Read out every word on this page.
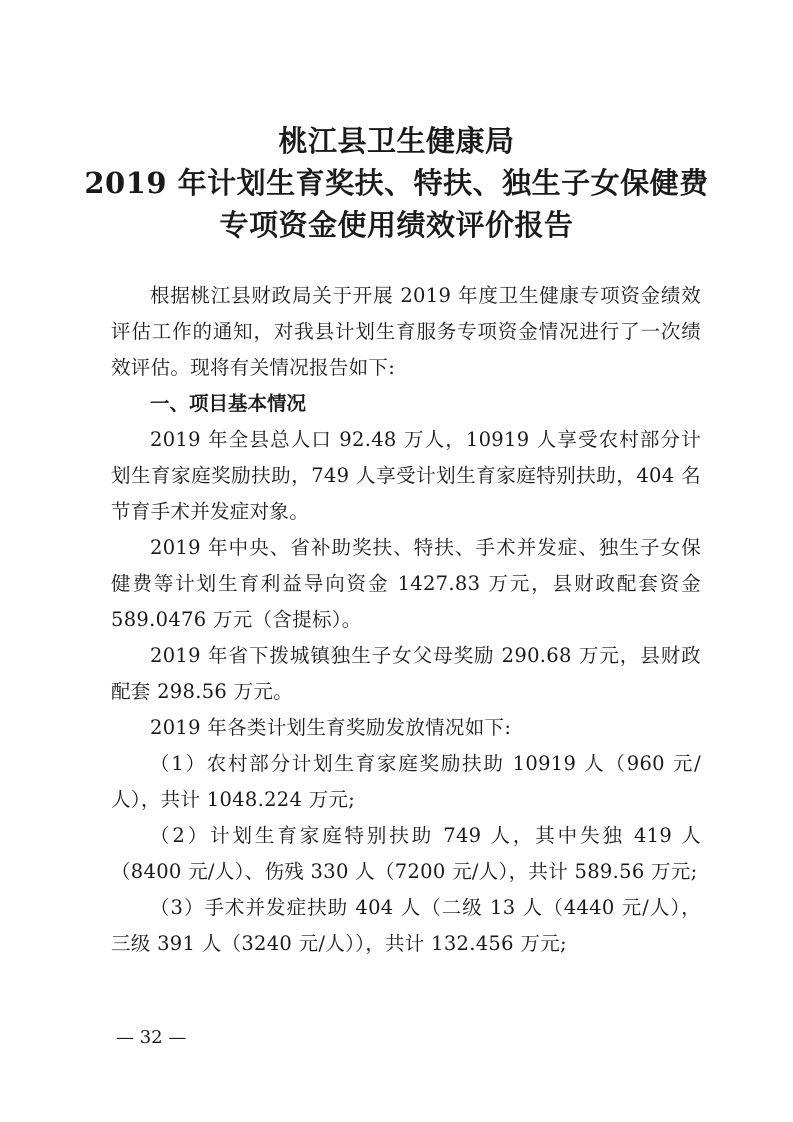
桃江县卫生健康局
2019 年计划生育奖扶、特扶、独生子女保健费
专项资金使用绩效评价报告

根据桃江县财政局关于开展 2019 年度卫生健康专项资金绩效评估工作的通知，对我县计划生育服务专项资金情况进行了一次绩效评估。现将有关情况报告如下:

一、项目基本情况

2019 年全县总人口 92.48 万人，10919 人享受农村部分计划生育家庭奖励扶助，749 人享受计划生育家庭特别扶助，404 名节育手术并发症对象。

2019 年中央、省补助奖扶、特扶、手术并发症、独生子女保健费等计划生育利益导向资金 1427.83 万元，县财政配套资金 589.0476 万元（含提标）。

2019 年省下拨城镇独生子女父母奖励 290.68 万元，县财政配套 298.56 万元。

2019 年各类计划生育奖励发放情况如下:

（1）农村部分计划生育家庭奖励扶助 10919 人（960 元/人），共计 1048.224 万元;

（2）计划生育家庭特别扶助 749 人，其中失独 419 人（8400 元/人）、伤残 330 人（7200 元/人），共计 589.56 万元;

（3）手术并发症扶助 404 人（二级 13 人（4440 元/人），三级 391 人（3240 元/人）），共计 132.456 万元;

— 32 —
